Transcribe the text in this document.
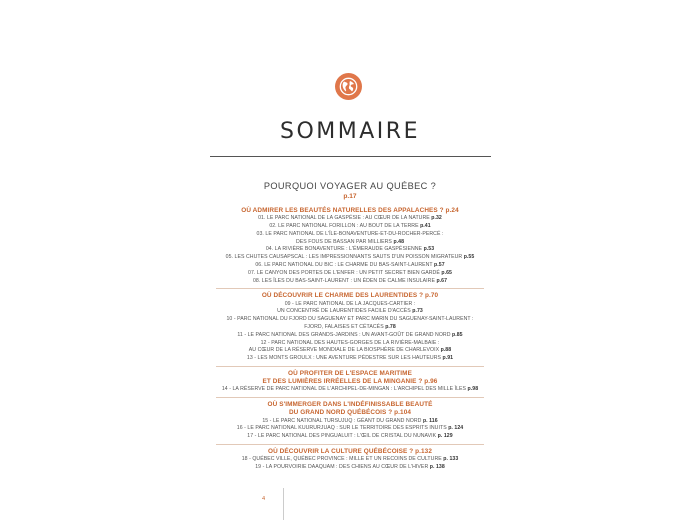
SOMMAIRE
POURQUOI VOYAGER AU QUÉBEC ?
p.17
OÙ ADMIRER LES BEAUTÉS NATURELLES DES APPALACHES ? p.24
01. LE PARC NATIONAL DE LA GASPÉSIE : AU CŒUR DE LA NATURE p.32
02. LE PARC NATIONAL FORILLON : AU BOUT DE LA TERRE p.41
03. LE PARC NATIONAL DE L'ÎLE-BONAVENTURE-ET-DU-ROCHER-PERCÉ :
DES FOUS DE BASSAN PAR MILLIERS p.48
04. LA RIVIÈRE BONAVENTURE : L'ÉMERAUDE GASPÉSIENNE p.53
05. LES CHUTES CAUSAPSCAL : LES IMPRESSIONNANTS SAUTS D'UN POISSON MIGRATEUR p.55
06. LE PARC NATIONAL DU BIC : LE CHARME DU BAS-SAINT-LAURENT p.57
07. LE CANYON DES PORTES DE L'ENFER : UN PETIT SECRET BIEN GARDÉ p.65
08. LES ÎLES DU BAS-SAINT-LAURENT : UN ÉDEN DE CALME INSULAIRE p.67
OÙ DÉCOUVRIR LE CHARME DES LAURENTIDES ? p.70
09 - LE PARC NATIONAL DE LA JACQUES-CARTIER :
UN CONCENTRÉ DE LAURENTIDES FACILE D'ACCÈS p.73
10 - PARC NATIONAL DU FJORD DU SAGUENAY ET PARC MARIN DU SAGUENAY-SAINT-LAURENT :
FJORD, FALAISES ET CÉTACÉS p.78
11 - LE PARC NATIONAL DES GRANDS-JARDINS : UN AVANT-GOÛT DE GRAND NORD p.85
12 - PARC NATIONAL DES HAUTES-GORGES DE LA RIVIÈRE-MALBAIE :
AU CŒUR DE LA RÉSERVE MONDIALE DE LA BIOSPHÈRE DE CHARLEVOIX p.88
13 - LES MONTS GROULX : UNE AVENTURE PÉDESTRE SUR LES HAUTEURS p.91
OÙ PROFITER DE L'ESPACE MARITIME
ET DES LUMIÈRES IRRÉELLES DE LA MINGANIE ? p.96
14 - LA RÉSERVE DE PARC NATIONAL DE L'ARCHIPEL-DE-MINGAN : L'ARCHIPEL DES MILLE ÎLES p.98
OÙ S'IMMERGER DANS L'INDÉFINISSABLE BEAUTÉ
DU GRAND NORD QUÉBÉCOIS ? p.104
15 - LE PARC NATIONAL TURSUJUQ : GÉANT DU GRAND NORD p. 116
16 - LE PARC NATIONAL KUURURJUAQ : SUR LE TERRITOIRE DES ESPRITS INUITS p. 124
17 - LE PARC NATIONAL DES PINGUALUIT : L'ŒIL DE CRISTAL DU NUNAVIK p. 129
OÙ DÉCOUVRIR LA CULTURE QUÉBÉCOISE ? p.132
18 - QUÉBEC VILLE, QUÉBEC PROVINCE : MILLE ET UN RECOINS DE CULTURE p. 133
19 - LA POURVOIRIE DAAQUAM : DES CHIENS AU CŒUR DE L'HIVER p. 138
4
